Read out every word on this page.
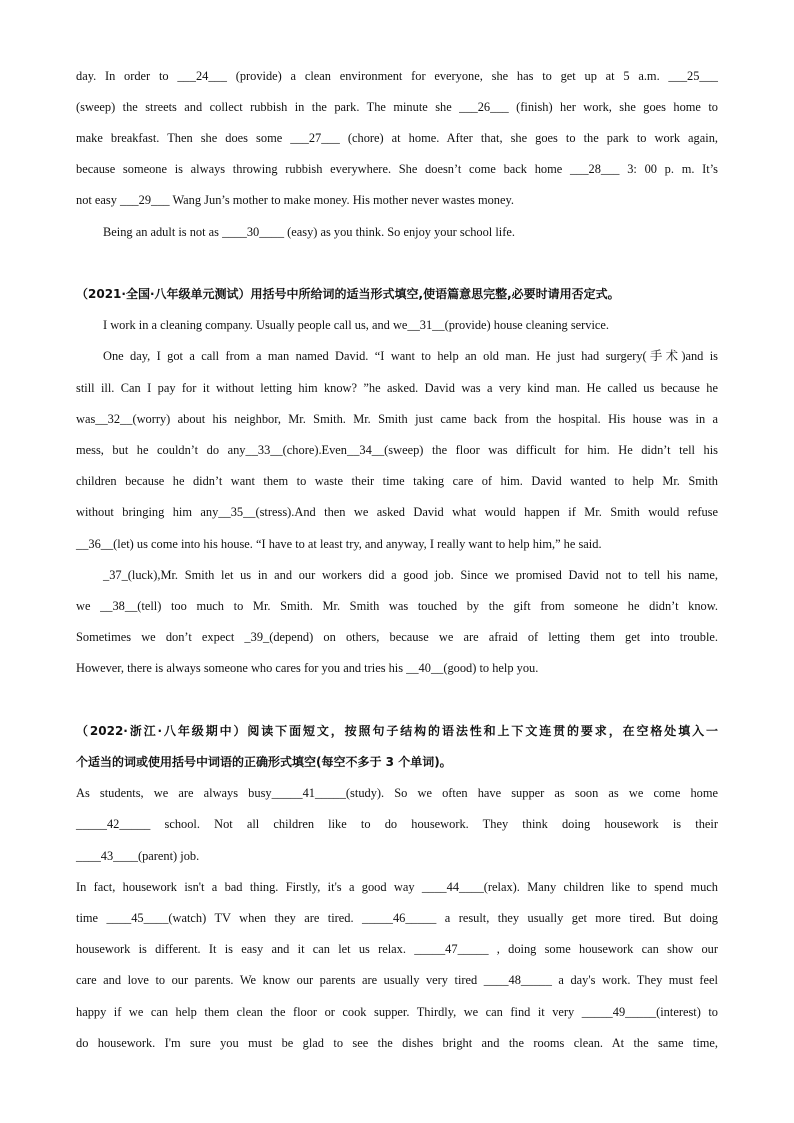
day. In order to ___24___ (provide) a clean environment for everyone, she has to get up at 5 a.m. ___25___
(sweep) the streets and collect rubbish in the park. The minute she ___26___ (finish) her work, she goes home to
make breakfast. Then she does some ___27___ (chore) at home. After that, she goes to the park to work again,
because someone is always throwing rubbish everywhere. She doesn’t come back home ___28___ 3: 00 p. m. It’s
not easy ___29___ Wang Jun’s mother to make money. His mother never wastes money.
Being an adult is not as ____30____ (easy) as you think. So enjoy your school life.
（2021·全国·八年级单元测试）用括号中所给词的适当形式填空,使语篇意思完整,必要时请用否定式。
I work in a cleaning company. Usually people call us, and we__31__(provide) house cleaning service.
One day, I got a call from a man named David. “I want to help an old man. He just had surgery(手术)and is
still ill. Can I pay for it without letting him know? ”he asked. David was a very kind man. He called us because he
was__32__(worry) about his neighbor, Mr. Smith. Mr. Smith just came back from the hospital. His house was in a
mess, but he couldn’t do any__33__(chore).Even__34__(sweep) the floor was difficult for him. He didn’t tell his
children because he didn’t want them to waste their time taking care of him. David wanted to help Mr. Smith
without bringing him any__35__(stress).And then we asked David what would happen if Mr. Smith would refuse
__36__(let) us come into his house. “I have to at least try, and anyway, I really want to help him,” he said.
_37_(luck),Mr. Smith let us in and our workers did a good job. Since we promised David not to tell his name,
we __38__(tell) too much to Mr. Smith. Mr. Smith was touched by the gift from someone he didn’t know.
Sometimes we don’t expect _39_(depend) on others, because we are afraid of letting them get into trouble.
However, there is always someone who cares for you and tries his __40__(good) to help you.
（2022·浙江·八年级期中）阅读下面短文，按照句子结构的语法性和上下文连贯的要求，在空格处填入一
个适当的词或使用括号中词语的正确形式填空(每空不多于 3 个单词)。
As students, we are always busy_____41_____(study). So we often have supper as soon as we come home
_____42_____ school. Not all children like to do housework. They think doing housework is their
____43____(parent) job.
In fact, housework isn't a bad thing. Firstly, it's a good way ____44____(relax). Many children like to spend much
time ____45____(watch) TV when they are tired. _____46_____ a result, they usually get more tired. But doing
housework is different. It is easy and it can let us relax. _____47_____ , doing some housework can show our
care and love to our parents. We know our parents are usually very tired ____48_____ a day's work. They must feel
happy if we can help them clean the floor or cook supper. Thirdly, we can find it very _____49_____(interest) to
do housework. I'm sure you must be glad to see the dishes bright and the rooms clean. At the same time,
